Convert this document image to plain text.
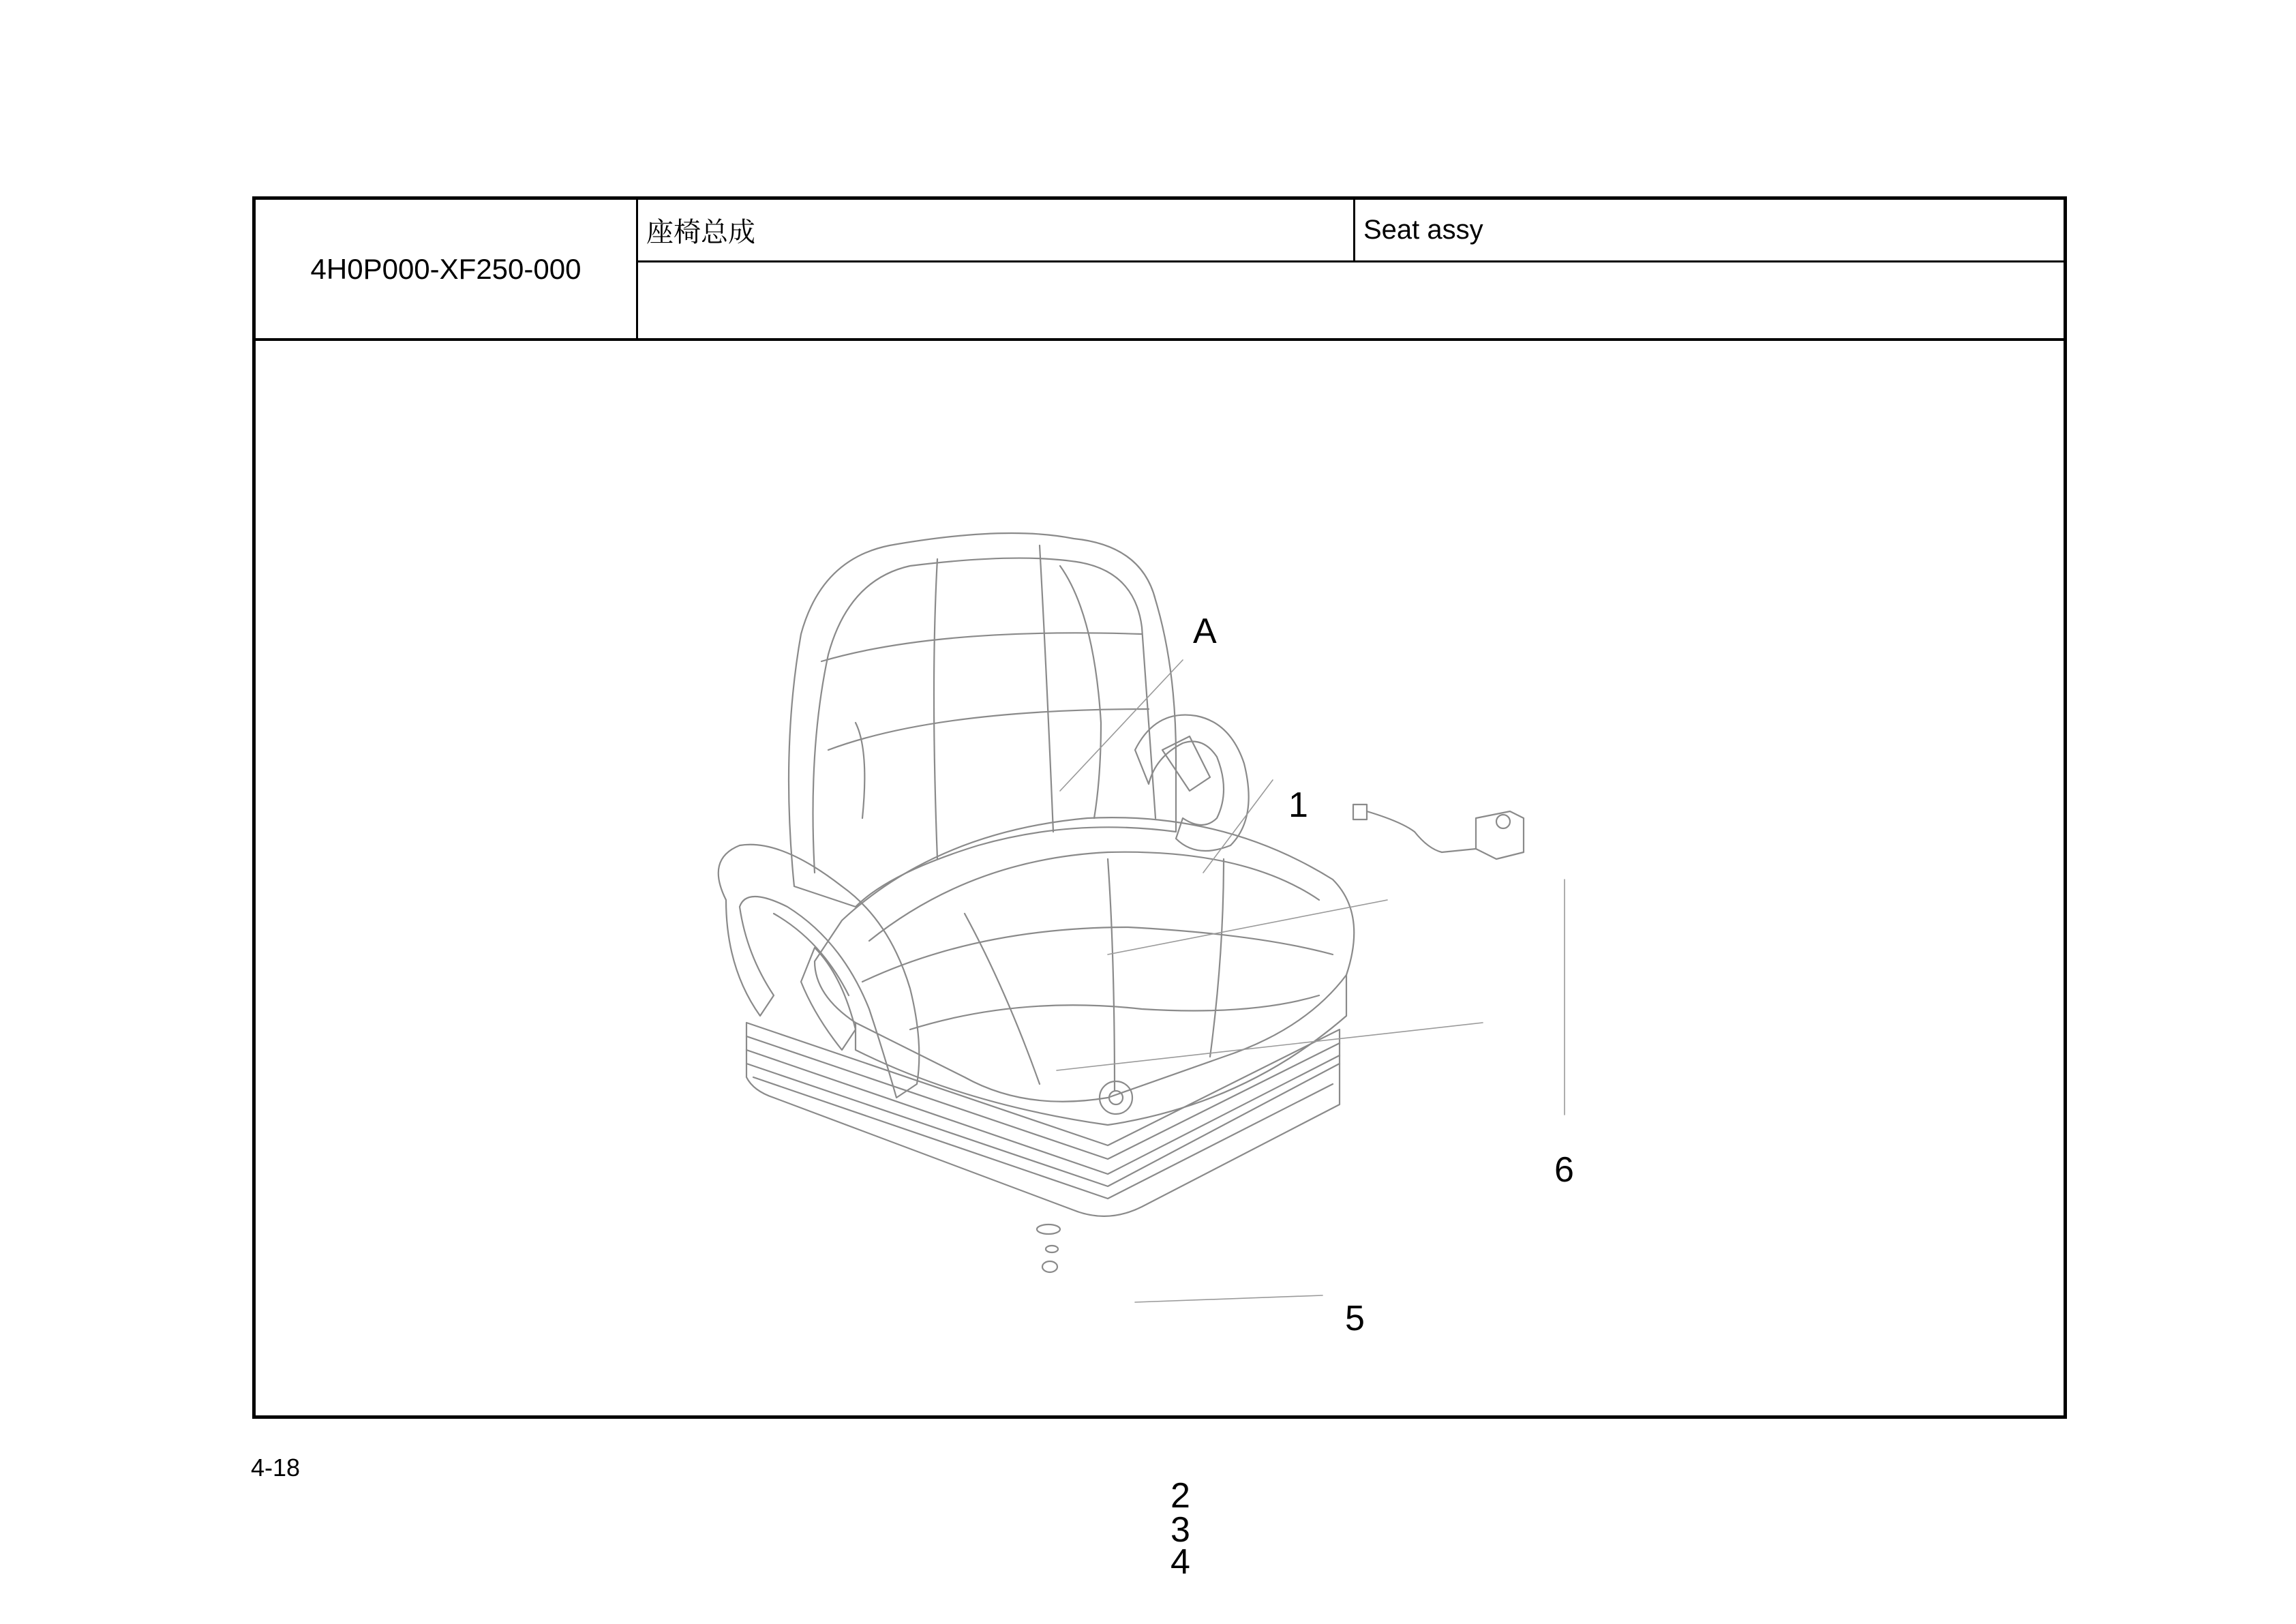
4H0P000-XF250-000
座椅总成	Seat assy
A
1
2
3
4
5
6
4-18
